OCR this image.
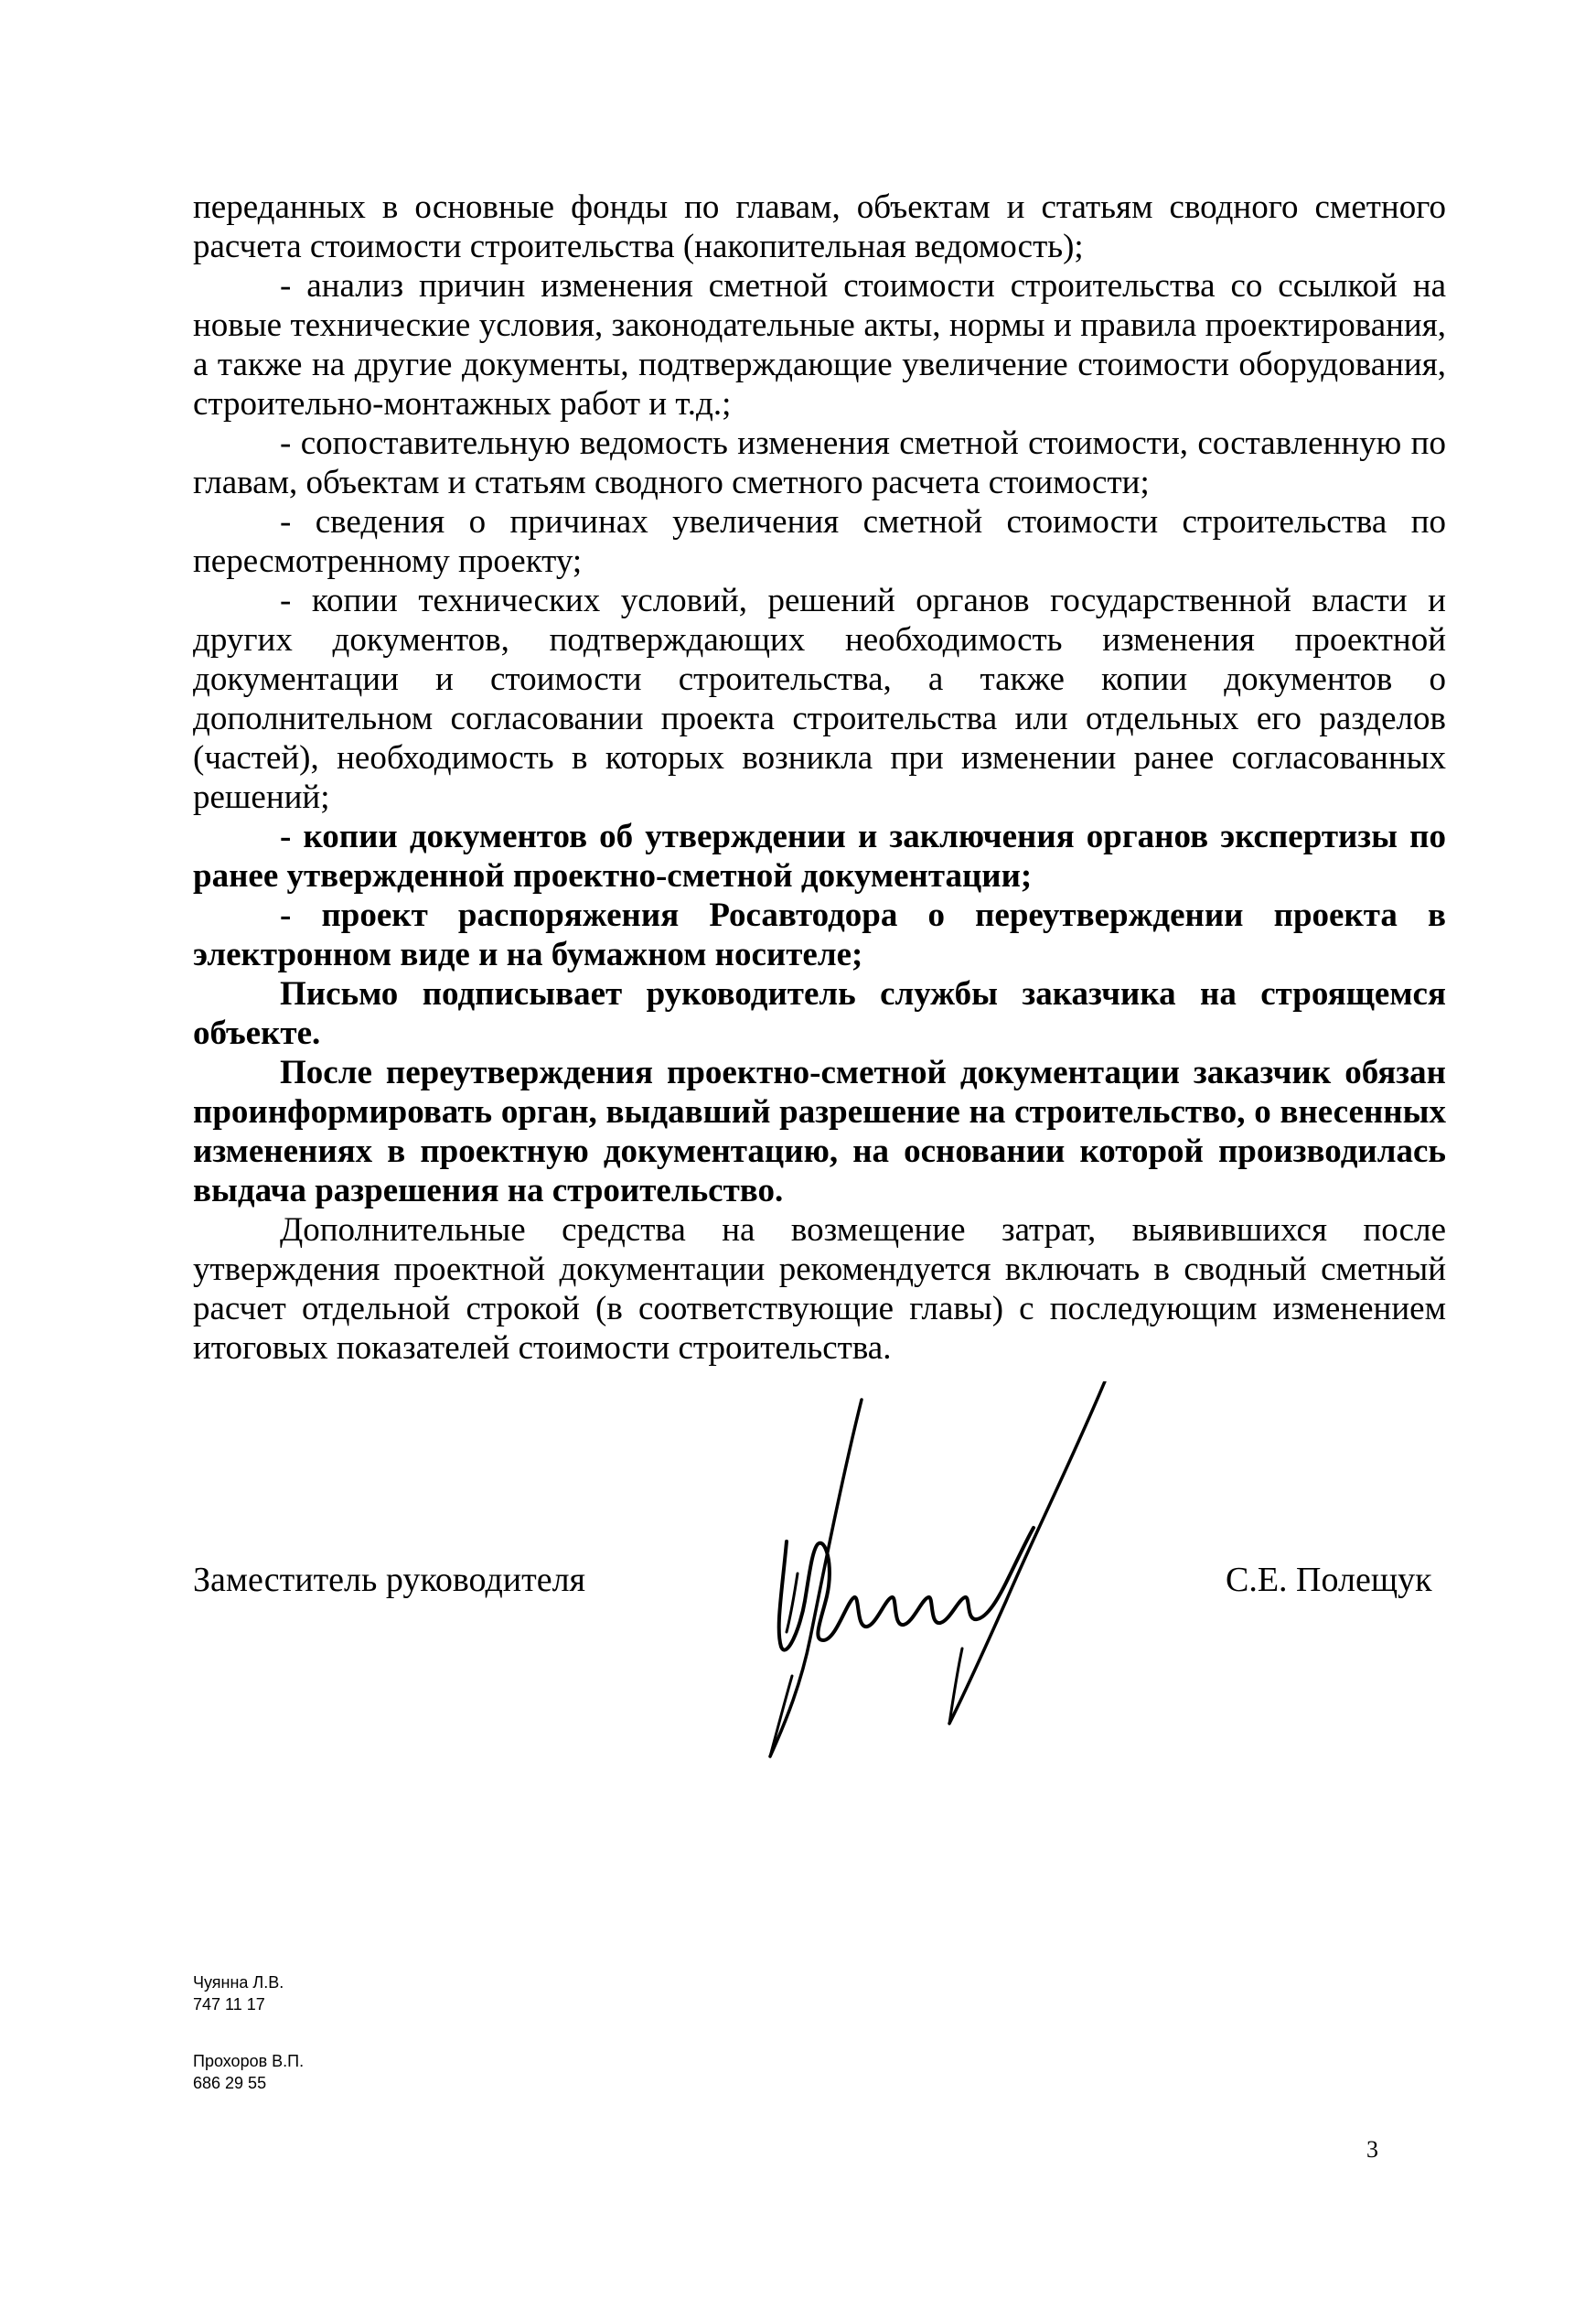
переданных в основные фонды по главам, объектам и статьям сводного сметного расчета стоимости строительства (накопительная ведомость);

- анализ причин изменения сметной стоимости строительства со ссылкой на новые технические условия, законодательные акты, нормы и правила проектирования, а также на другие документы, подтверждающие увеличение стоимости оборудования, строительно-монтажных работ и т.д.;

- сопоставительную ведомость изменения сметной стоимости, составленную по главам, объектам и статьям сводного сметного расчета стоимости;

- сведения о причинах увеличения сметной стоимости строительства по пересмотренному проекту;

- копии технических условий, решений органов государственной власти и других документов, подтверждающих необходимость изменения проектной документации и стоимости строительства, а также копии документов о дополнительном согласовании проекта строительства или отдельных его разделов (частей), необходимость в которых возникла при изменении ранее согласованных решений;

- копии документов об утверждении и заключения органов экспертизы по ранее утвержденной проектно-сметной документации;

- проект распоряжения Росавтодора о переутверждении проекта в электронном виде и на бумажном носителе;

Письмо подписывает руководитель службы заказчика на строящемся объекте.

После переутверждения проектно-сметной документации заказчик обязан проинформировать орган, выдавший разрешение на строительство, о внесенных изменениях в проектную документацию, на основании которой производилась выдача разрешения на строительство.

Дополнительные средства на возмещение затрат, выявившихся после утверждения проектной документации рекомендуется включать в сводный сметный расчет отдельной строкой (в соответствующие главы) с последующим изменением итоговых показателей стоимости строительства.

Заместитель руководителя	С.Е. Полещук
Чуянна Л.В.
747 11 17
Прохоров В.П.
686 29 55
3
